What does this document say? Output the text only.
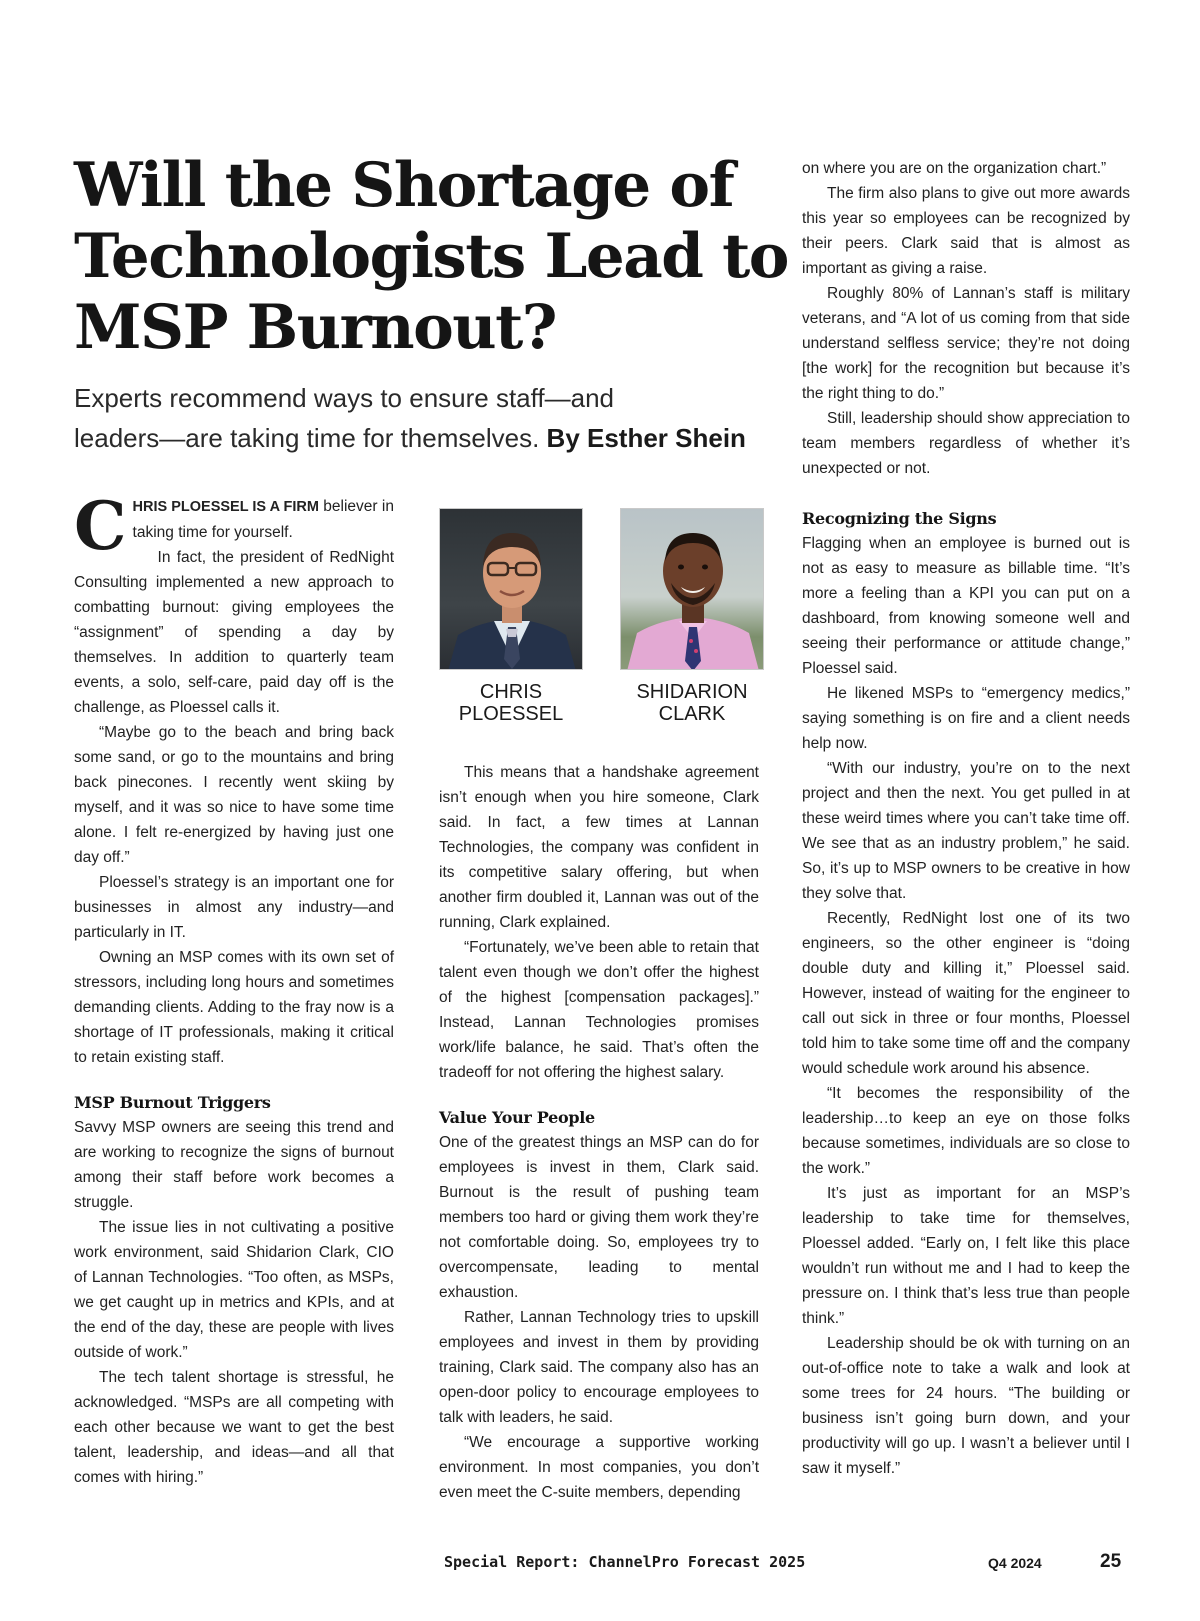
Will the Shortage of
Technologists Lead to
MSP Burnout?
Experts recommend ways to ensure staff—and
leaders—are taking time for themselves. By Esther Shein

CHRIS PLOESSEL IS A FIRM believer in taking time for yourself.

In fact, the president of RedNight Consulting implemented a new approach to combatting burnout: giving employees the “assignment” of spending a day by themselves. In addition to quarterly team events, a solo, self-care, paid day off is the challenge, as Ploessel calls it.

“Maybe go to the beach and bring back some sand, or go to the mountains and bring back pinecones. I recently went skiing by myself, and it was so nice to have some time alone. I felt re-energized by having just one day off.”

Ploessel’s strategy is an important one for businesses in almost any industry—and particularly in IT.

Owning an MSP comes with its own set of stressors, including long hours and sometimes demanding clients. Adding to the fray now is a shortage of IT professionals, making it critical to retain existing staff.

MSP Burnout Triggers

Savvy MSP owners are seeing this trend and are working to recognize the signs of burnout among their staff before work becomes a struggle.

The issue lies in not cultivating a positive work environment, said Shidarion Clark, CIO of Lannan Technologies. “Too often, as MSPs, we get caught up in metrics and KPIs, and at the end of the day, these are people with lives outside of work.”

The tech talent shortage is stressful, he acknowledged. “MSPs are all competing with each other because we want to get the best talent, leadership, and ideas—and all that comes with hiring.”

CHRIS
PLOESSEL
SHIDARION
CLARK

This means that a handshake agreement isn’t enough when you hire someone, Clark said. In fact, a few times at Lannan Technologies, the company was confident in its competitive salary offering, but when another firm doubled it, Lannan was out of the running, Clark explained.

“Fortunately, we’ve been able to retain that talent even though we don’t offer the highest of the highest [compensation packages].” Instead, Lannan Technologies promises work/life balance, he said. That’s often the tradeoff for not offering the highest salary.

Value Your People

One of the greatest things an MSP can do for employees is invest in them, Clark said. Burnout is the result of pushing team members too hard or giving them work they’re not comfortable doing. So, employees try to overcompensate, leading to mental exhaustion.

Rather, Lannan Technology tries to upskill employees and invest in them by providing training, Clark said. The company also has an open-door policy to encourage employees to talk with leaders, he said.

“We encourage a supportive working environment. In most companies, you don’t even meet the C-suite members, depending

on where you are on the organization chart.”

The firm also plans to give out more awards this year so employees can be recognized by their peers. Clark said that is almost as important as giving a raise.

Roughly 80% of Lannan’s staff is military veterans, and “A lot of us coming from that side understand selfless service; they’re not doing [the work] for the recognition but because it’s the right thing to do.”

Still, leadership should show appreciation to team members regardless of whether it’s unexpected or not.

Recognizing the Signs

Flagging when an employee is burned out is not as easy to measure as billable time. “It’s more a feeling than a KPI you can put on a dashboard, from knowing someone well and seeing their performance or attitude change,” Ploessel said.

He likened MSPs to “emergency medics,” saying something is on fire and a client needs help now.

“With our industry, you’re on to the next project and then the next. You get pulled in at these weird times where you can’t take time off. We see that as an industry problem,” he said. So, it’s up to MSP owners to be creative in how they solve that.

Recently, RedNight lost one of its two engineers, so the other engineer is “doing double duty and killing it,” Ploessel said. However, instead of waiting for the engineer to call out sick in three or four months, Ploessel told him to take some time off and the company would schedule work around his absence.

“It becomes the responsibility of the leadership…to keep an eye on those folks because sometimes, individuals are so close to the work.”

It’s just as important for an MSP’s leadership to take time for themselves, Ploessel added. “Early on, I felt like this place wouldn’t run without me and I had to keep the pressure on. I think that’s less true than people think.”

Leadership should be ok with turning on an out-of-office note to take a walk and look at some trees for 24 hours. “The building or business isn’t going burn down, and your productivity will go up. I wasn’t a believer until I saw it myself.”

Special Report: ChannelPro Forecast 2025	Q4 2024	25
